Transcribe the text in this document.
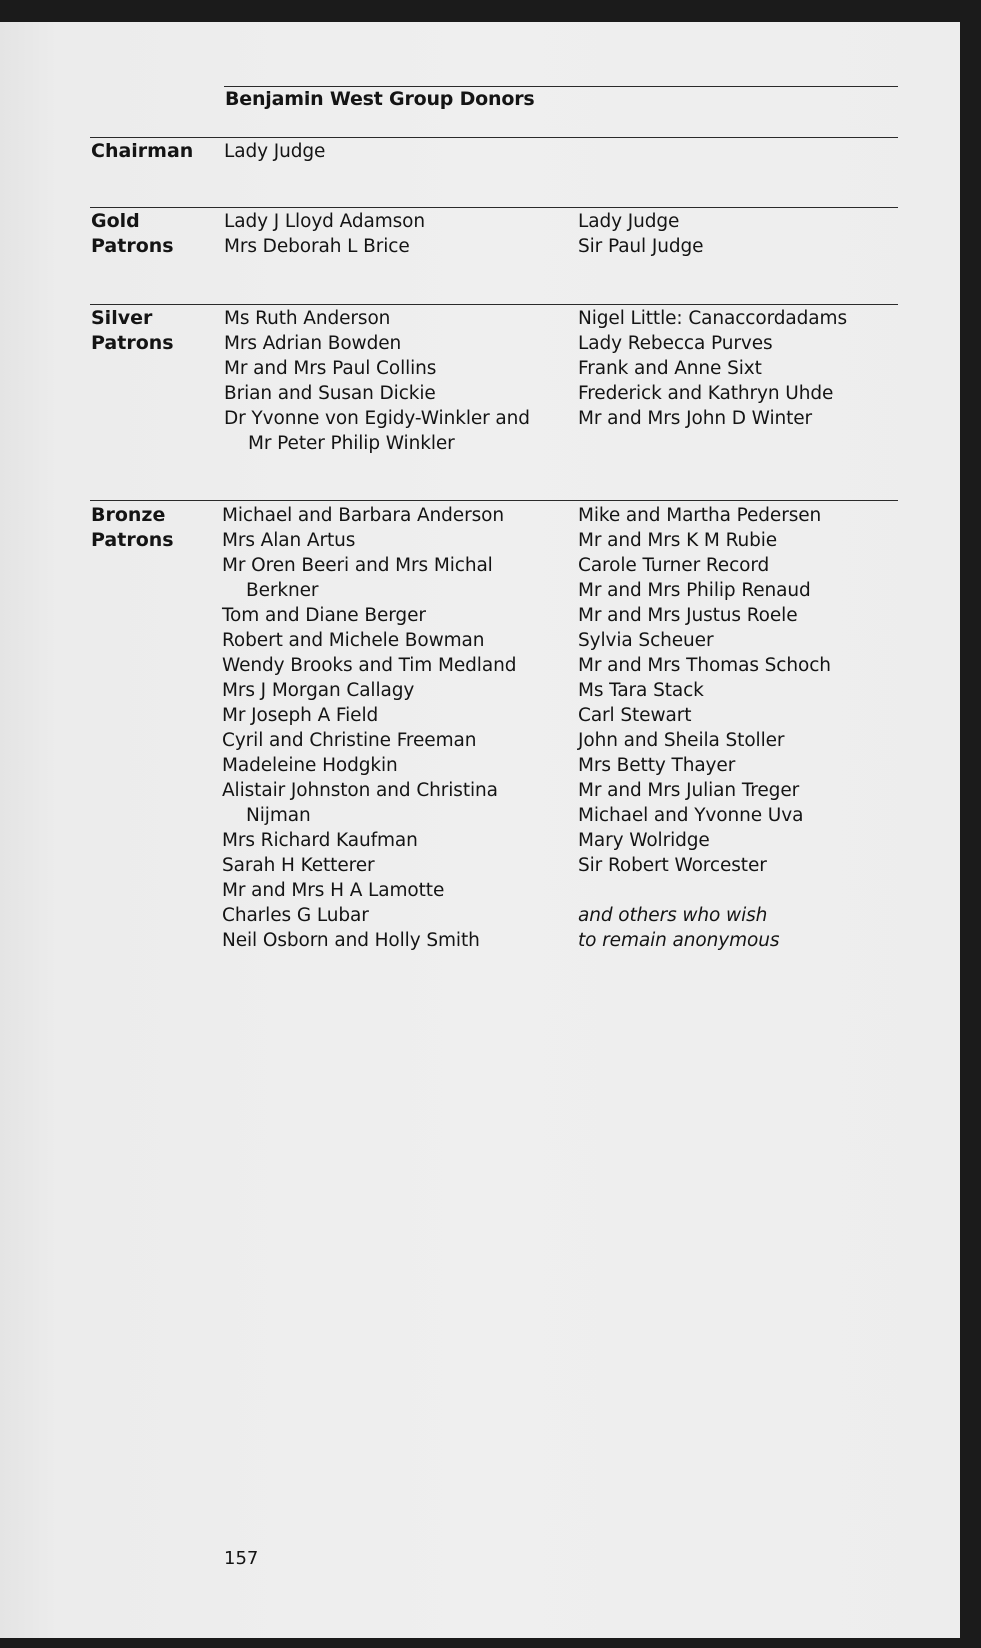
Benjamin West Group Donors
Chairman	Lady Judge
Gold
Patrons
Lady J Lloyd Adamson
Mrs Deborah L Brice
Lady Judge
Sir Paul Judge
Silver
Patrons
Ms Ruth Anderson
Mrs Adrian Bowden
Mr and Mrs Paul Collins
Brian and Susan Dickie
Dr Yvonne von Egidy-Winkler and
Mr Peter Philip Winkler
Nigel Little: Canaccordadams
Lady Rebecca Purves
Frank and Anne Sixt
Frederick and Kathryn Uhde
Mr and Mrs John D Winter
Bronze
Patrons
Michael and Barbara Anderson
Mrs Alan Artus
Mr Oren Beeri and Mrs Michal
Berkner
Tom and Diane Berger
Robert and Michele Bowman
Wendy Brooks and Tim Medland
Mrs J Morgan Callagy
Mr Joseph A Field
Cyril and Christine Freeman
Madeleine Hodgkin
Alistair Johnston and Christina
Nijman
Mrs Richard Kaufman
Sarah H Ketterer
Mr and Mrs H A Lamotte
Charles G Lubar
Neil Osborn and Holly Smith
Mike and Martha Pedersen
Mr and Mrs K M Rubie
Carole Turner Record
Mr and Mrs Philip Renaud
Mr and Mrs Justus Roele
Sylvia Scheuer
Mr and Mrs Thomas Schoch
Ms Tara Stack
Carl Stewart
John and Sheila Stoller
Mrs Betty Thayer
Mr and Mrs Julian Treger
Michael and Yvonne Uva
Mary Wolridge
Sir Robert Worcester
and others who wish
to remain anonymous
157
